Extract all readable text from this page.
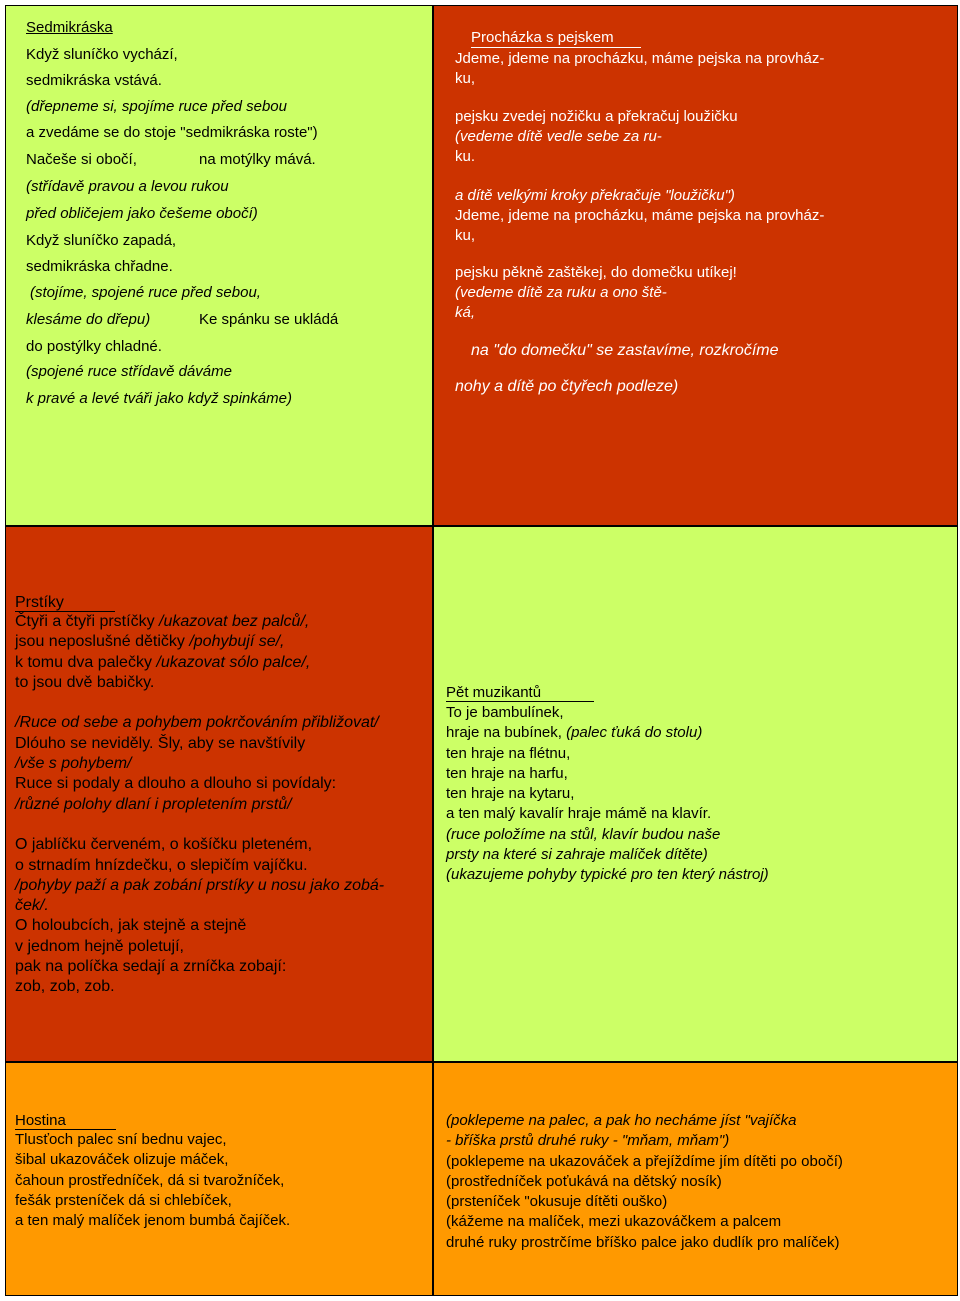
Sedmikráska
Když sluníčko vychází,
sedmikráska vstává.
(dřepneme si, spojíme ruce před sebou
a zvedáme se do stoje "sedmikráska roste")
Načeše si obočí,	na motýlky mává.
(střídavě pravou a levou rukou
před obličejem jako češeme obočí)
Když sluníčko zapadá,
sedmikráska chřadne.
(stojíme, spojené ruce před sebou,
klesáme do dřepu)	Ke spánku se ukládá
do postýlky chladné.
(spojené ruce střídavě dáváme
k pravé a levé tváři jako když spinkáme)
Procházka s pejskem
Jdeme, jdeme na procházku, máme pejska na provház-
ku,
pejsku zvedej nožičku a překračuj loužičku
(vedeme dítě vedle sebe za ru-
ku.
a dítě velkými kroky překračuje "loužičku")
Jdeme, jdeme na procházku, máme pejska na provház-
ku,
pejsku pěkně zaštěkej, do domečku utíkej!
(vedeme dítě za ruku a ono ště-
ká,
na "do domečku" se zastavíme, rozkročíme
nohy a dítě po čtyřech podleze)
Prstíky
Čtyři a čtyři prstíčky /ukazovat bez palců/,
jsou neposlušné dětičky /pohybují se/,
k tomu dva palečky /ukazovat sólo palce/,
to jsou dvě babičky.
/Ruce od sebe a pohybem pokrčováním přibližovat/
Dlóuho se neviděly. Šly, aby se navštívily
/vše s pohybem/
Ruce si podaly a dlouho a dlouho si povídaly:
/různé polohy dlaní i propletením prstů/
O jablíčku červeném, o košíčku pleteném,
o strnadím hnízdečku, o slepičím vajíčku.
/pohyby paží a pak zobání prstíky u nosu jako zobá-
ček/.
O holoubcích, jak stejně a stejně
v jednom hejně poletují,
pak na políčka sedají a zrníčka zobají:
zob, zob, zob.
Pět muzikantů
To je bambulínek,
hraje na bubínek, (palec ťuká do stolu)
ten hraje na flétnu,
ten hraje na harfu,
ten hraje na kytaru,
a ten malý kavalír hraje mámě na klavír.
(ruce položíme na stůl, klavír budou naše
prsty na které si zahraje malíček dítěte)
(ukazujeme pohyby typické pro ten který nástroj)
Hostina
Tlusťoch palec sní bednu vajec,
šibal ukazováček olizuje máček,
čahoun prostředníček, dá si tvarožníček,
fešák prsteníček dá si chlebíček,
a ten malý malíček jenom bumbá čajíček.
(poklepeme na palec, a pak ho necháme jíst "vajíčka
- bříška prstů druhé ruky - "mňam, mňam")
(poklepeme na ukazováček a přejíždíme jím dítěti po obočí)
(prostředníček poťukává na dětský nosík)
(prsteníček "okusuje dítěti ouško)
(kážeme na malíček, mezi ukazováčkem a palcem
druhé ruky prostrčíme bříško palce jako dudlík pro malíček)
